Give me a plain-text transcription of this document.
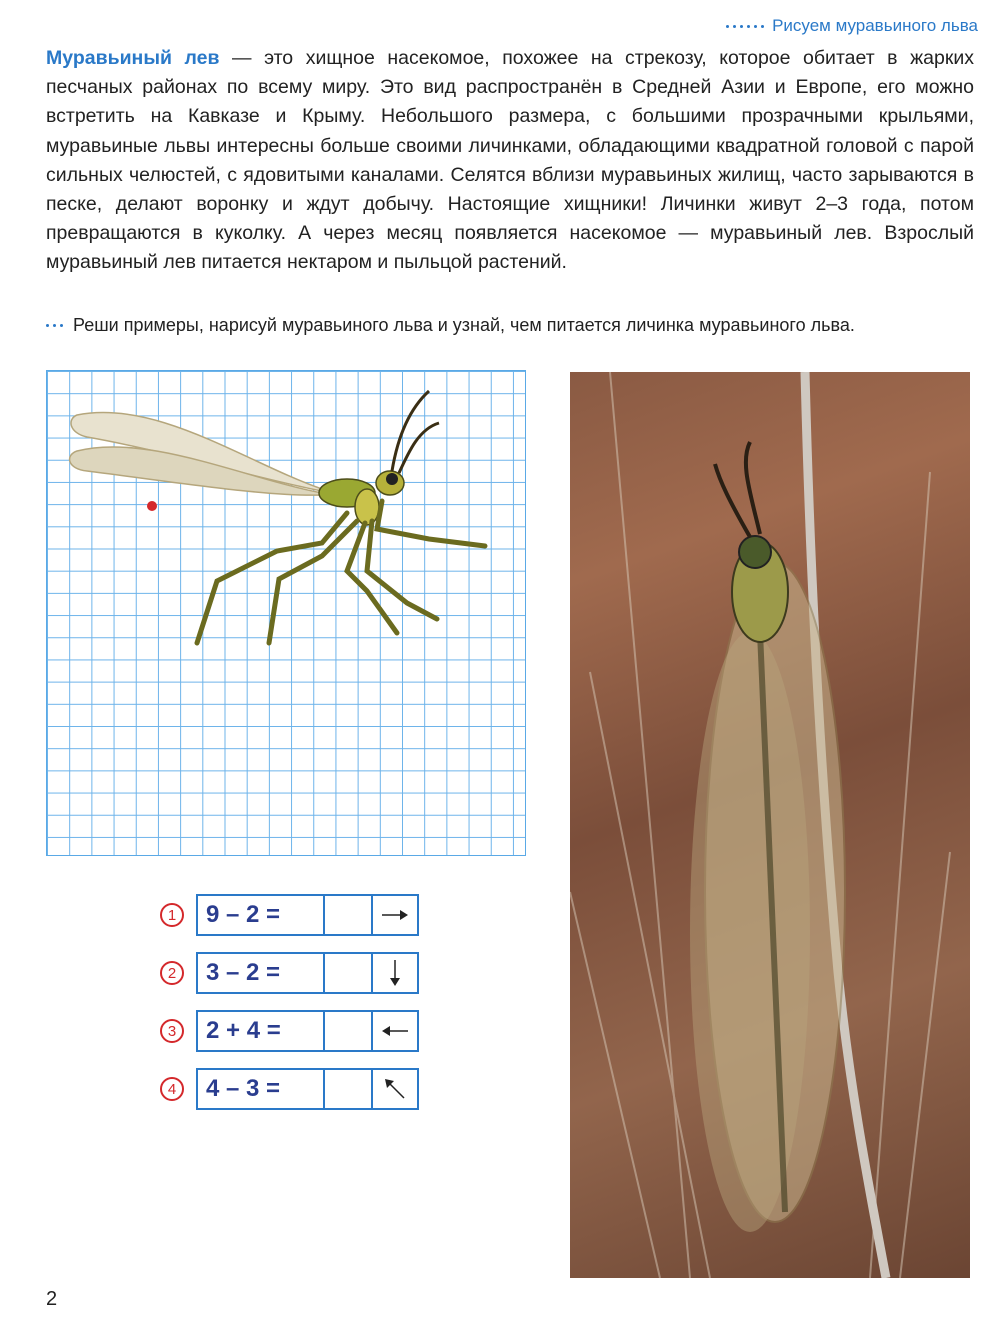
Рисуем муравьиного льва
Муравьиный лев — это хищное насекомое, похожее на стрекозу, которое обитает в жарких песчаных районах по всему миру. Это вид распространён в Средней Азии и Европе, его можно встретить на Кавказе и Крыму. Небольшого размера, с большими прозрачными крыльями, муравьиные львы интересны больше своими личинками, обладающими квадратной головой с парой сильных челюстей, с ядовитыми каналами. Селятся вблизи муравьиных жилищ, часто зарываются в песке, делают воронку и ждут добычу. Настоящие хищники! Личинки живут 2–3 года, потом превращаются в куколку. А через месяц появляется насекомое — муравьиный лев. Взрослый муравьиный лев питается нектаром и пыльцой растений.
Реши примеры, нарисуй муравьиного льва и узнай, чем питается личинка муравьиного льва.
1	9 – 2 =
2	3 – 2 =
3	2 + 4 =
4	4 – 3 =
2
